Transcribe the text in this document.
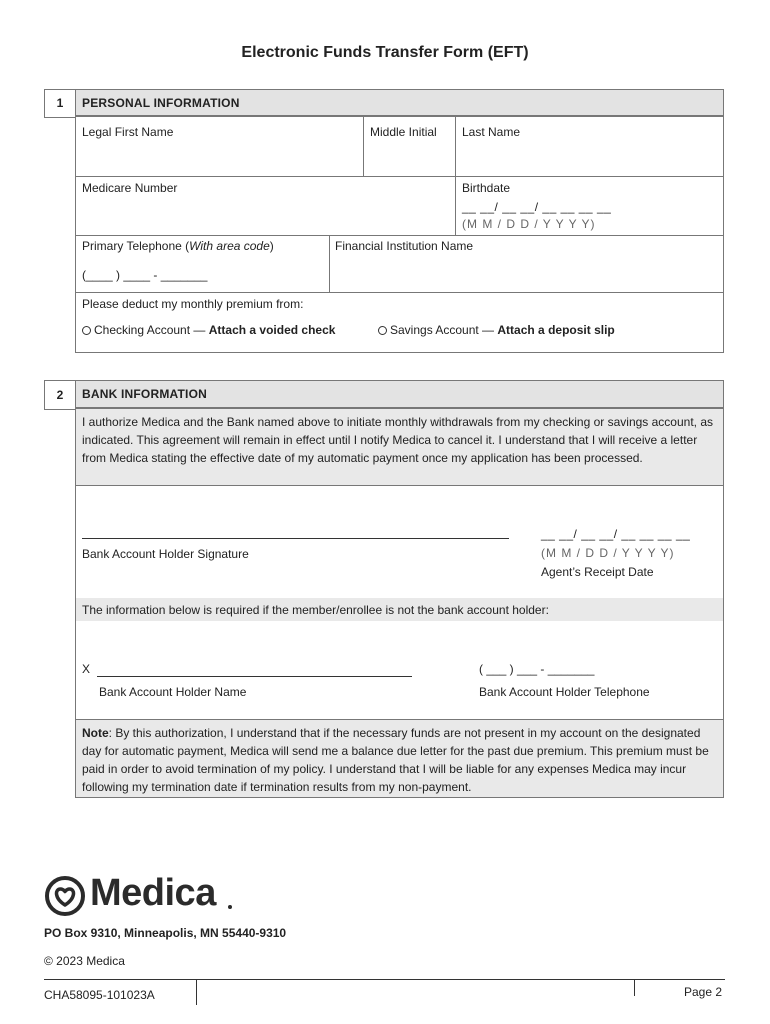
Electronic Funds Transfer Form (EFT)
1	PERSONAL INFORMATION
Legal First Name	Middle Initial Last Name
Medicare Number	Birthdate
__ __/ __ __/ __ __ __ __
(M M / D D / Y Y Y Y)
Primary Telephone (With area code)
(____ ) ____ - _______
Financial Institution Name
Please deduct my monthly premium from:
Checking Account — Attach a voided check	Savings Account — Attach a deposit slip
2	BANK INFORMATION
I authorize Medica and the Bank named above to initiate monthly withdrawals from my checking or savings account, as indicated. This agreement will remain in effect until I notify Medica to cancel it. I understand that I will receive a letter from Medica stating the effective date of my automatic payment once my application has been processed.
Bank Account Holder Signature
__ __/ __ __/ __ __ __ __
(M M / D D / Y Y Y Y)
Agent’s Receipt Date
The information below is required if the member/enrollee is not the bank account holder:
X
Bank Account Holder Name
( ___ ) ___ - _______
Bank Account Holder Telephone
Note: By this authorization, I understand that if the necessary funds are not present in my account on the designated day for automatic payment, Medica will send me a balance due letter for the past due premium. This premium must be paid in order to avoid termination of my policy. I understand that I will be liable for any expenses Medica may incur following my termination date if termination results from my non-payment.
Medica
PO Box 9310, Minneapolis, MN 55440-9310
© 2023 Medica
CHA58095-101023A	Page 2
